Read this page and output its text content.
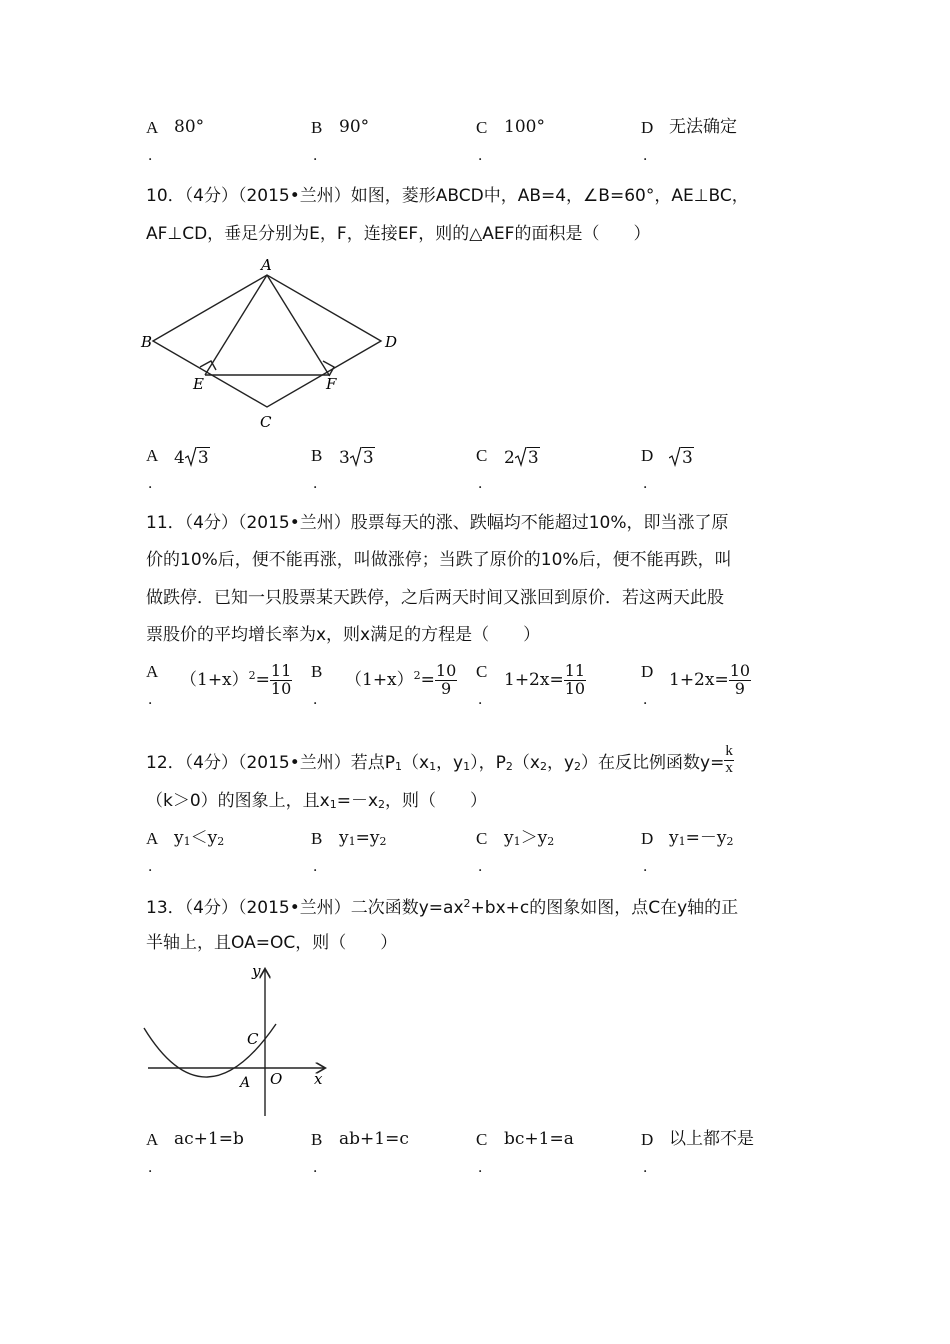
A 80°
．
B 90°
．
C 100°
．
D 无法确定
．
10．（4分）（2015•兰州）如图，菱形ABCD中，AB=4，∠B=60°，AE⊥BC，
AF⊥CD，垂足分别为E，F，连接EF，则的△AEF的面积是（　　）
A
B
C
D
E	F
A 4 3
．
B 3 3
．
C 2 3
．
D	3
．
11．（4分）（2015•兰州）股票每天的涨、跌幅均不能超过10%，即当涨了原
价的10%后，便不能再涨，叫做涨停；当跌了原价的10%后，便不能再跌，叫
做跌停．已知一只股票某天跌停，之后两天时间又涨回到原价．若这两天此股
票股价的平均增长率为x，则x满足的方程是（　　）
A $(1+x)^2= \frac{11}{10}$
．
B $(1+x)^2= \frac{10}{9}$
．
C $1+2x= \frac{11}{10}$
．
D $1+2x= \frac{10}{9}$
．
12．（4分）（2015•兰州）若点$P_1(x_1$，$y_1$），$P_2(x_2$，$y_2$）在反比例函数$y= \frac{k}{x}$
（k＞0）的图象上，且$x_1=-x_2$，则（　　）
A $y_1<y_2$
．
B $y_1=y_2$
．
C $y_1>y_2$
．
D $y_1=-y_2$
．
13．（4分）（2015•兰州）二次函数$y=ax^2+bx+c$的图象如图，点C在y轴的正
半轴上，且OA=OC，则（　　）
y
x
C
O
A
A ac+1=b
．
B ab+1=c
．
C bc+1=a
．
D 以上都不是
．
